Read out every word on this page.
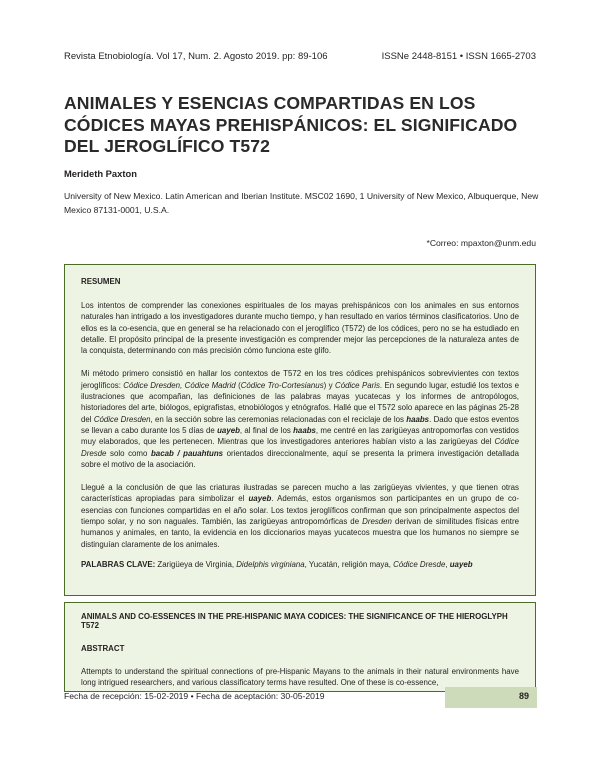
Revista Etnobiología. Vol 17, Num. 2. Agosto 2019. pp: 89-106	ISSNe 2448-8151 • ISSN 1665-2703
ANIMALES Y ESENCIAS COMPARTIDAS EN LOS CÓDICES MAYAS PREHISPÁNICOS: EL SIGNIFICADO DEL JEROGLÍFICO T572
Merideth Paxton
University of New Mexico. Latin American and Iberian Institute. MSC02 1690, 1 University of New Mexico, Albuquerque, New Mexico 87131-0001, U.S.A.
*Correo: mpaxton@unm.edu
RESUMEN

Los intentos de comprender las conexiones espirituales de los mayas prehispánicos con los animales en sus entornos naturales han intrigado a los investigadores durante mucho tiempo, y han resultado en varios términos clasificatorios. Uno de ellos es la co-esencia, que en general se ha relacionado con el jeroglífico (T572) de los códices, pero no se ha estudiado en detalle. El propósito principal de la presente investigación es comprender mejor las percepciones de la naturaleza antes de la conquista, determinando con más precisión cómo funciona este glifo.

Mi método primero consistió en hallar los contextos de T572 en los tres códices prehispánicos sobrevivientes con textos jeroglíficos: Códice Dresden, Códice Madrid (Códice Tro-Cortesianus) y Códice Paris. En segundo lugar, estudié los textos e ilustraciones que acompañan, las definiciones de las palabras mayas yucatecas y los informes de antropólogos, historiadores del arte, biólogos, epigrafistas, etnobiólogos y etnógrafos. Hallé que el T572 solo aparece en las páginas 25-28 del Códice Dresden, en la sección sobre las ceremonias relacionadas con el reciclaje de los haabs. Dado que estos eventos se llevan a cabo durante los 5 días de uayeb, al final de los haabs, me centré en las zarigüeyas antropomorfas con vestidos muy elaborados, que les pertenecen. Mientras que los investigadores anteriores habían visto a las zarigüeyas del Códice Dresde solo como bacab / pauahtuns orientados direccionalmente, aquí se presenta la primera investigación detallada sobre el motivo de la asociación.

Llegué a la conclusión de que las criaturas ilustradas se parecen mucho a las zarigüeyas vivientes, y que tienen otras características apropiadas para simbolizar el uayeb. Además, estos organismos son participantes en un grupo de co-esencias con funciones compartidas en el año solar. Los textos jeroglíficos confirman que son principalmente aspectos del tiempo solar, y no son naguales. También, las zarigüeyas antropomórficas de Dresden derivan de similitudes físicas entre humanos y animales, en tanto, la evidencia en los diccionarios mayas yucatecos muestra que los humanos no siempre se distinguían claramente de los animales.

PALABRAS CLAVE: Zarigüeya de Virginia, Didelphis virginiana, Yucatán, religión maya, Códice Dresde, uayeb
ANIMALS AND CO-ESSENCES IN THE PRE-HISPANIC MAYA CODICES: THE SIGNIFICANCE OF THE HIEROGLYPH T572
ABSTRACT

Attempts to understand the spiritual connections of pre-Hispanic Mayans to the animals in their natural environments have long intrigued researchers, and various classificatory terms have resulted. One of these is co-essence,

Fecha de recepción: 15-02-2019 • Fecha de aceptación: 30-05-2019	89
